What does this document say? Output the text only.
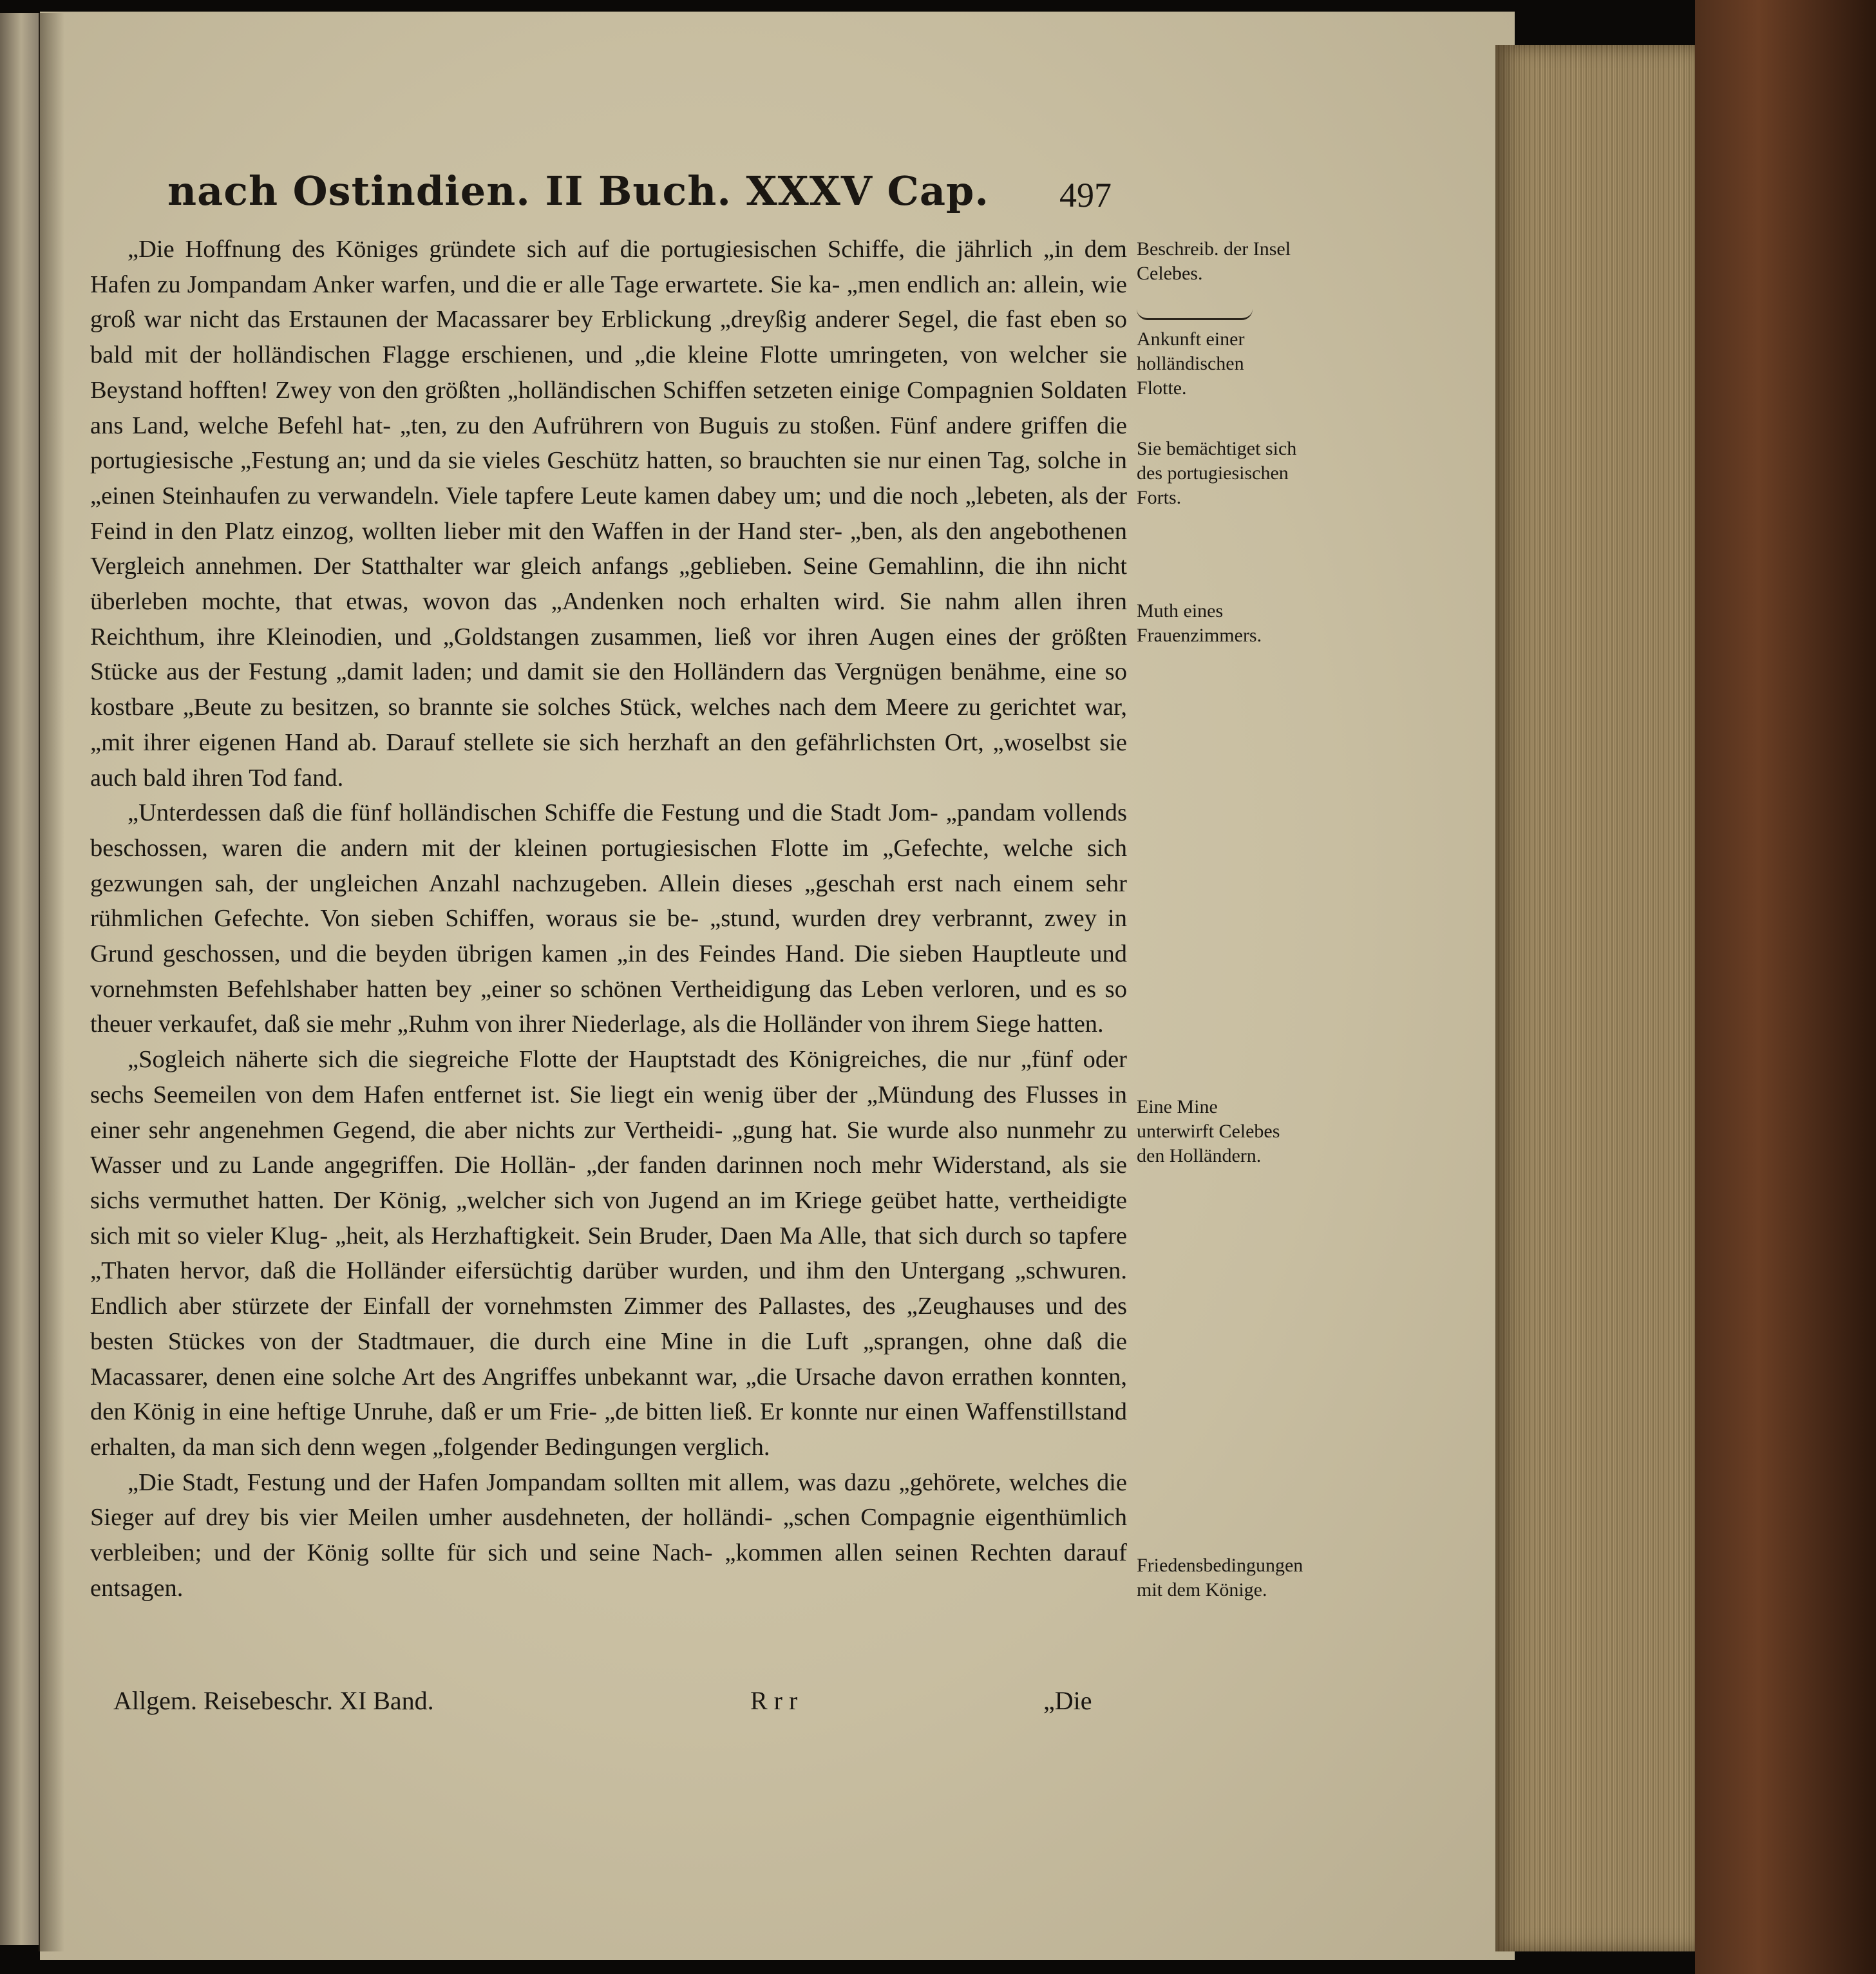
nach Ostindien. II Buch. XXXV Cap. 497

„Die Hoffnung des Königes gründete sich auf die portugiesischen Schiffe, die jährlich „in dem Hafen zu Jompandam Anker warfen, und die er alle Tage erwartete. Sie ka- „men endlich an: allein, wie groß war nicht das Erstaunen der Macassarer bey Erblickung „dreyßig anderer Segel, die fast eben so bald mit der holländischen Flagge erschienen, und „die kleine Flotte umringeten, von welcher sie Beystand hofften! Zwey von den größten „holländischen Schiffen setzeten einige Compagnien Soldaten ans Land, welche Befehl hat- „ten, zu den Aufrührern von Buguis zu stoßen. Fünf andere griffen die portugiesische „Festung an; und da sie vieles Geschütz hatten, so brauchten sie nur einen Tag, solche in „einen Steinhaufen zu verwandeln. Viele tapfere Leute kamen dabey um; und die noch „lebeten, als der Feind in den Platz einzog, wollten lieber mit den Waffen in der Hand ster- „ben, als den angebothenen Vergleich annehmen. Der Statthalter war gleich anfangs „geblieben. Seine Gemahlinn, die ihn nicht überleben mochte, that etwas, wovon das „Andenken noch erhalten wird. Sie nahm allen ihren Reichthum, ihre Kleinodien, und „Goldstangen zusammen, ließ vor ihren Augen eines der größten Stücke aus der Festung „damit laden; und damit sie den Holländern das Vergnügen benähme, eine so kostbare „Beute zu besitzen, so brannte sie solches Stück, welches nach dem Meere zu gerichtet war, „mit ihrer eigenen Hand ab. Darauf stellete sie sich herzhaft an den gefährlichsten Ort, „woselbst sie auch bald ihren Tod fand.

„Unterdessen daß die fünf holländischen Schiffe die Festung und die Stadt Jom- „pandam vollends beschossen, waren die andern mit der kleinen portugiesischen Flotte im „Gefechte, welche sich gezwungen sah, der ungleichen Anzahl nachzugeben. Allein dieses „geschah erst nach einem sehr rühmlichen Gefechte. Von sieben Schiffen, woraus sie be- „stund, wurden drey verbrannt, zwey in Grund geschossen, und die beyden übrigen kamen „in des Feindes Hand. Die sieben Hauptleute und vornehmsten Befehlshaber hatten bey „einer so schönen Vertheidigung das Leben verloren, und es so theuer verkaufet, daß sie mehr „Ruhm von ihrer Niederlage, als die Holländer von ihrem Siege hatten.

„Sogleich näherte sich die siegreiche Flotte der Hauptstadt des Königreiches, die nur „fünf oder sechs Seemeilen von dem Hafen entfernet ist. Sie liegt ein wenig über der „Mündung des Flusses in einer sehr angenehmen Gegend, die aber nichts zur Vertheidi- „gung hat. Sie wurde also nunmehr zu Wasser und zu Lande angegriffen. Die Hollän- „der fanden darinnen noch mehr Widerstand, als sie sichs vermuthet hatten. Der König, „welcher sich von Jugend an im Kriege geübet hatte, vertheidigte sich mit so vieler Klug- „heit, als Herzhaftigkeit. Sein Bruder, Daen Ma Alle, that sich durch so tapfere „Thaten hervor, daß die Holländer eifersüchtig darüber wurden, und ihm den Untergang „schwuren. Endlich aber stürzete der Einfall der vornehmsten Zimmer des Pallastes, des „Zeughauses und des besten Stückes von der Stadtmauer, die durch eine Mine in die Luft „sprangen, ohne daß die Macassarer, denen eine solche Art des Angriffes unbekannt war, „die Ursache davon errathen konnten, den König in eine heftige Unruhe, daß er um Frie- „de bitten ließ. Er konnte nur einen Waffenstillstand erhalten, da man sich denn wegen „folgender Bedingungen verglich.

„Die Stadt, Festung und der Hafen Jompandam sollten mit allem, was dazu „gehörete, welches die Sieger auf drey bis vier Meilen umher ausdehneten, der holländi- „schen Compagnie eigenthümlich verbleiben; und der König sollte für sich und seine Nach- „kommen allen seinen Rechten darauf entsagen.

Beschreib. der Insel Celebes.
Ankunft einer holländischen Flotte.
Sie bemächtiget sich des portugiesischen Forts.
Muth eines Frauenzimmers.
Eine Mine unterwirft Celebes den Holländern.
Friedensbedingungen mit dem Könige.
Allgem. Reisebeschr. XI Band.	R r r	„Die
